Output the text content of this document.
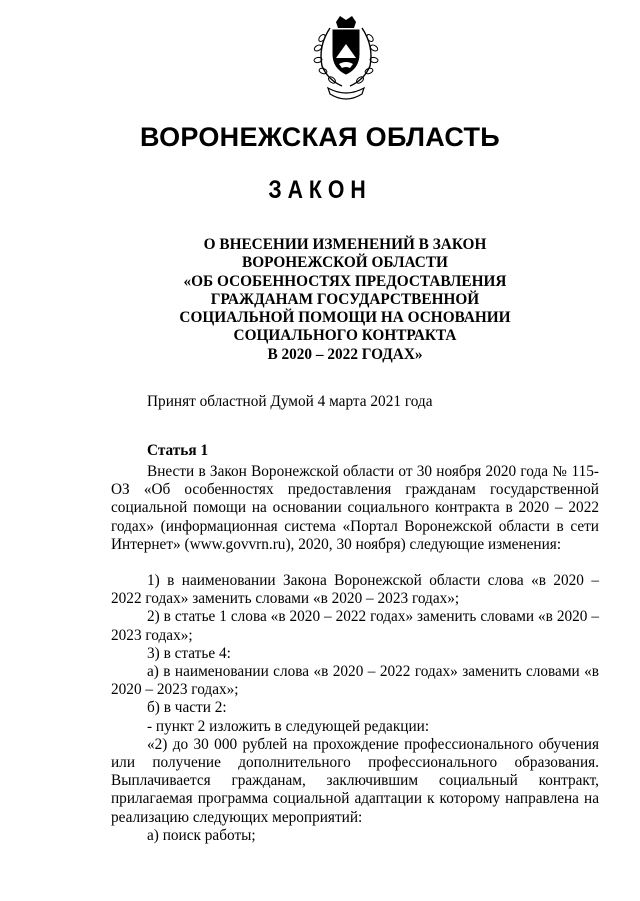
ВОРОНЕЖСКАЯ ОБЛАСТЬ
ЗАКОН
О ВНЕСЕНИИ ИЗМЕНЕНИЙ В ЗАКОН
ВОРОНЕЖСКОЙ ОБЛАСТИ
«ОБ ОСОБЕННОСТЯХ ПРЕДОСТАВЛЕНИЯ
ГРАЖДАНАМ ГОСУДАРСТВЕННОЙ
СОЦИАЛЬНОЙ ПОМОЩИ НА ОСНОВАНИИ
СОЦИАЛЬНОГО КОНТРАКТА
В 2020 – 2022 ГОДАХ»
Принят областной Думой 4 марта 2021 года
Статья 1

Внести в Закон Воронежской области от 30 ноября 2020 года № 115-ОЗ «Об особенностях предоставления гражданам государственной социальной помощи на основании социального контракта в 2020 – 2022 годах» (информационная система «Портал Воронежской области в сети Интернет» (www.govvrn.ru), 2020, 30 ноября) следующие изменения:

1) в наименовании Закона Воронежской области слова «в 2020 – 2022 годах» заменить словами «в 2020 – 2023 годах»;

2) в статье 1 слова «в 2020 – 2022 годах» заменить словами «в 2020 – 2023 годах»;

3) в статье 4:

а) в наименовании слова «в 2020 – 2022 годах» заменить словами «в 2020 – 2023 годах»;

б) в части 2:

- пункт 2 изложить в следующей редакции:

«2) до 30 000 рублей на прохождение профессионального обучения или получение дополнительного профессионального образования. Выплачивается гражданам, заключившим социальный контракт, прилагаемая программа социальной адаптации к которому направлена на реализацию следующих мероприятий:

а) поиск работы;
